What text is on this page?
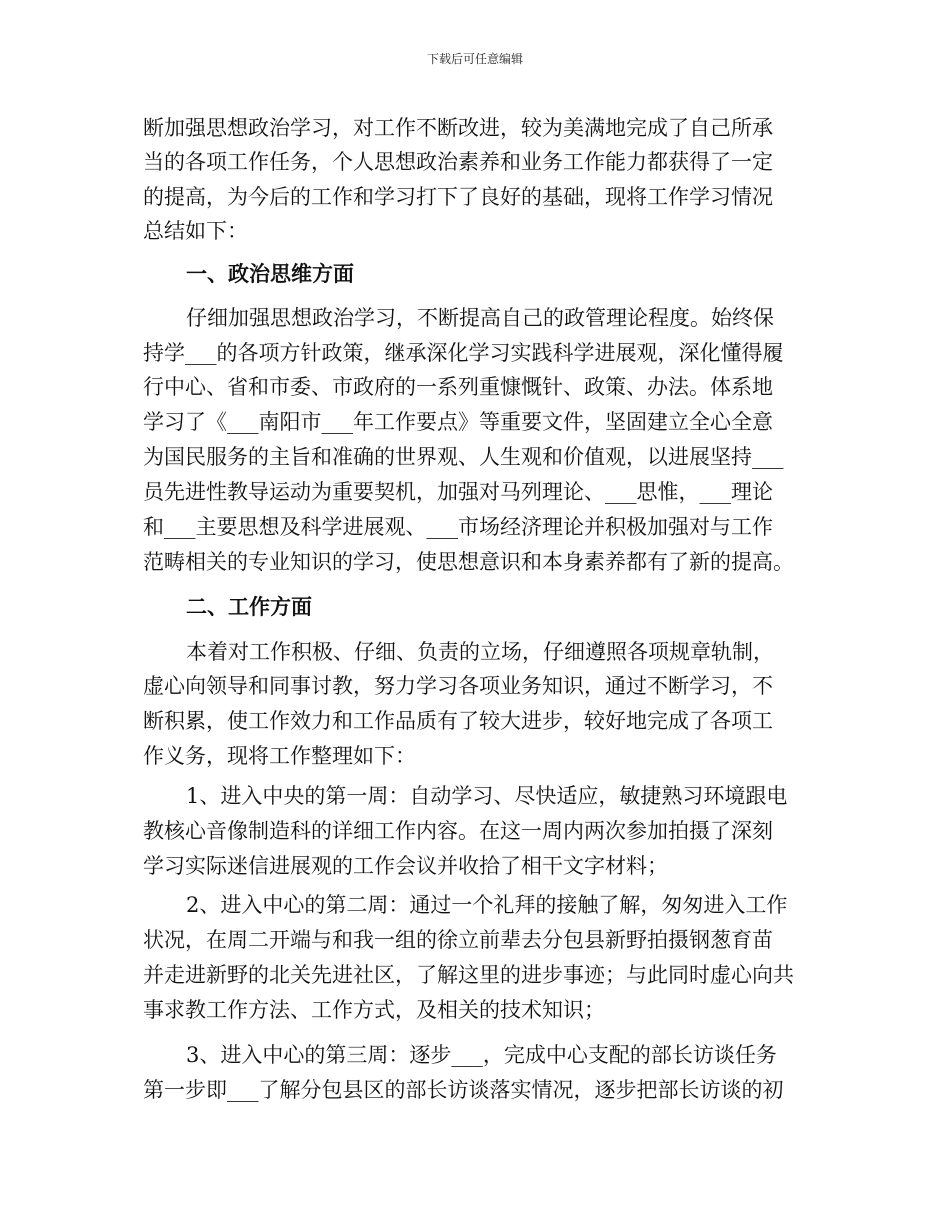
下载后可任意编辑
断加强思想政治学习，对工作不断改进，较为美满地完成了自己所承
当的各项工作任务，个人思想政治素养和业务工作能力都获得了一定
的提高，为今后的工作和学习打下了良好的基础，现将工作学习情况
总结如下：
一、政治思维方面
仔细加强思想政治学习，不断提高自己的政管理论程度。始终保
持学___的各项方针政策，继承深化学习实践科学进展观，深化懂得履
行中心、省和市委、市政府的一系列重慷慨针、政策、办法。体系地
学习了《___南阳市___年工作要点》等重要文件，坚固建立全心全意
为国民服务的主旨和准确的世界观、人生观和价值观，以进展坚持___
员先进性教导运动为重要契机，加强对马列理论、___思惟，___理论
和___主要思想及科学进展观、___市场经济理论并积极加强对与工作
范畴相关的专业知识的学习，使思想意识和本身素养都有了新的提高。
二、工作方面
本着对工作积极、仔细、负责的立场，仔细遵照各项规章轨制，
虚心向领导和同事讨教，努力学习各项业务知识，通过不断学习，不
断积累，使工作效力和工作品质有了较大进步，较好地完成了各项工
作义务，现将工作整理如下：
1、进入中央的第一周：自动学习、尽快适应，敏捷熟习环境跟电
教核心音像制造科的详细工作内容。在这一周内两次参加拍摄了深刻
学习实际迷信进展观的工作会议并收拾了相干文字材料；
2、进入中心的第二周：通过一个礼拜的接触了解，匆匆进入工作
状况，在周二开端与和我一组的徐立前辈去分包县新野拍摄钢葱育苗
并走进新野的北关先进社区，了解这里的进步事迹；与此同时虚心向共
事求教工作方法、工作方式，及相关的技术知识；
3、进入中心的第三周：逐步___，完成中心支配的部长访谈任务
第一步即___了解分包县区的部长访谈落实情况，逐步把部长访谈的初
